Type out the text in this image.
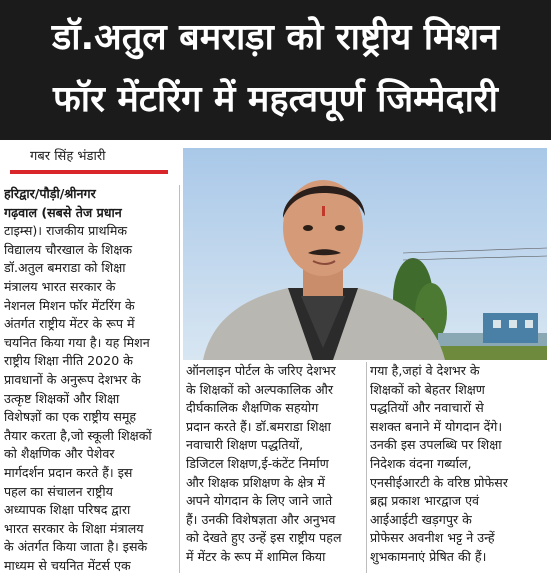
डॉ.अतुल बमराड़ा को राष्ट्रीय मिशन
फॉर मेंटरिंग में महत्वपूर्ण जिम्मेदारी
गबर सिंह भंडारी
हरिद्वार/पौड़ी/श्रीनगर
गढ़वाल (सबसे तेज प्रधान
टाइम्स)। राजकीय प्राथमिक
विद्यालय चौरखाल के शिक्षक
डॉ.अतुल बमराडा को शिक्षा
मंत्रालय भारत सरकार के
नेशनल मिशन फॉर मेंटरिंग के
अंतर्गत राष्ट्रीय मेंटर के रूप में
चयनित किया गया है। यह मिशन
राष्ट्रीय शिक्षा नीति 2020 के
प्रावधानों के अनुरूप देशभर के
उत्कृष्ट शिक्षकों और शिक्षा
विशेषज्ञों का एक राष्ट्रीय समूह
तैयार करता है,जो स्कूली शिक्षकों
को शैक्षणिक और पेशेवर
मार्गदर्शन प्रदान करते हैं। इस
पहल का संचालन राष्ट्रीय
अध्यापक शिक्षा परिषद द्वारा
भारत सरकार के शिक्षा मंत्रालय
के अंतर्गत किया जाता है। इसके
माध्यम से चयनित मेंटर्स एक
ऑनलाइन पोर्टल के जरिए देशभर
के शिक्षकों को अल्पकालिक और
दीर्घकालिक शैक्षणिक सहयोग
प्रदान करते हैं। डॉ.बमराडा शिक्षा
नवाचारी शिक्षण पद्धतियों,
डिजिटल शिक्षण,ई-कंटेंट निर्माण
और शिक्षक प्रशिक्षण के क्षेत्र में
अपने योगदान के लिए जाने जाते
हैं। उनकी विशेषज्ञता और अनुभव
को देखते हुए उन्हें इस राष्ट्रीय पहल
में मेंटर के रूप में शामिल किया
गया है,जहां वे देशभर के
शिक्षकों को बेहतर शिक्षण
पद्धतियों और नवाचारों से
सशक्त बनाने में योगदान देंगे।
उनकी इस उपलब्धि पर शिक्षा
निदेशक वंदना गर्ब्याल,
एनसीईआरटी के वरिष्ठ प्रोफेसर
ब्रह्म प्रकाश भारद्वाज एवं
आईआईटी खड़गपुर के
प्रोफेसर अवनीश भट्ट ने उन्हें
शुभकामनाएं प्रेषित की हैं।
